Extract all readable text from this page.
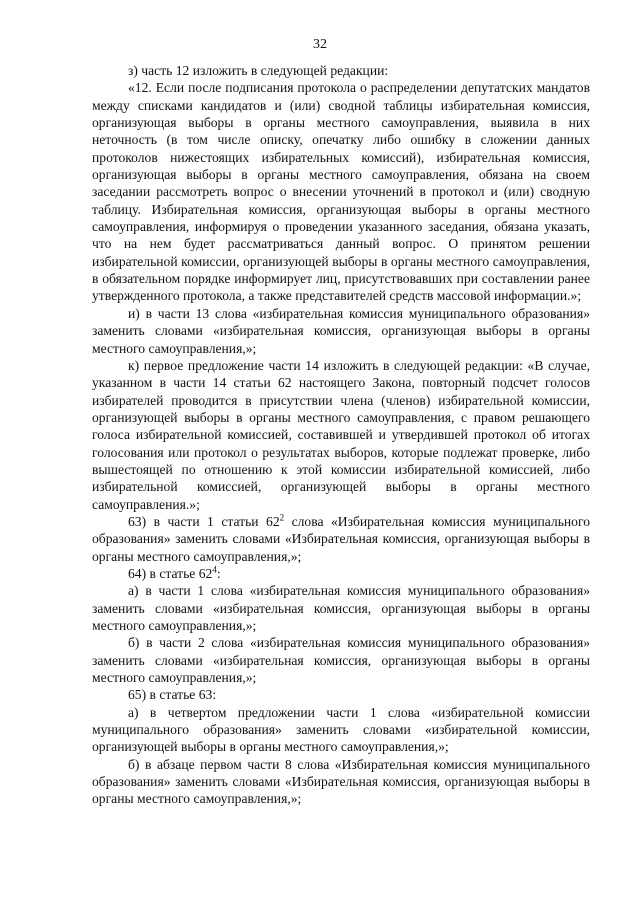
32

з) часть 12 изложить в следующей редакции:

«12. Если после подписания протокола о распределении депутатских мандатов между списками кандидатов и (или) сводной таблицы избирательная комиссия, организующая выборы в органы местного самоуправления, выявила в них неточность (в том числе описку, опечатку либо ошибку в сложении данных протоколов нижестоящих избирательных комиссий), избирательная комиссия, организующая выборы в органы местного самоуправления, обязана на своем заседании рассмотреть вопрос о внесении уточнений в протокол и (или) сводную таблицу. Избирательная комиссия, организующая выборы в органы местного самоуправления, информируя о проведении указанного заседания, обязана указать, что на нем будет рассматриваться данный вопрос. О принятом решении избирательной комиссии, организующей выборы в органы местного самоуправления, в обязательном порядке информирует лиц, присутствовавших при составлении ранее утвержденного протокола, а также представителей средств массовой информации.»;

и) в части 13 слова «избирательная комиссия муниципального образования» заменить словами «избирательная комиссия, организующая выборы в органы местного самоуправления,»;

к) первое предложение части 14 изложить в следующей редакции: «В случае, указанном в части 14 статьи 62 настоящего Закона, повторный подсчет голосов избирателей проводится в присутствии члена (членов) избирательной комиссии, организующей выборы в органы местного самоуправления, с правом решающего голоса избирательной комиссией, составившей и утвердившей протокол об итогах голосования или протокол о результатах выборов, которые подлежат проверке, либо вышестоящей по отношению к этой комиссии избирательной комиссией, либо избирательной комиссией, организующей выборы в органы местного самоуправления.»;

63) в части 1 статьи $62^2$ слова «Избирательная комиссия муниципального образования» заменить словами «Избирательная комиссия, организующая выборы в органы местного самоуправления,»;

64) в статье $62^4$:

а) в части 1 слова «избирательная комиссия муниципального образования» заменить словами «избирательная комиссия, организующая выборы в органы местного самоуправления,»;

б) в части 2 слова «избирательная комиссия муниципального образования» заменить словами «избирательная комиссия, организующая выборы в органы местного самоуправления,»;

65) в статье 63:

а) в четвертом предложении части 1 слова «избирательной комиссии муниципального образования» заменить словами «избирательной комиссии, организующей выборы в органы местного самоуправления,»;

б) в абзаце первом части 8 слова «Избирательная комиссия муниципального образования» заменить словами «Избирательная комиссия, организующая выборы в органы местного самоуправления,»;
